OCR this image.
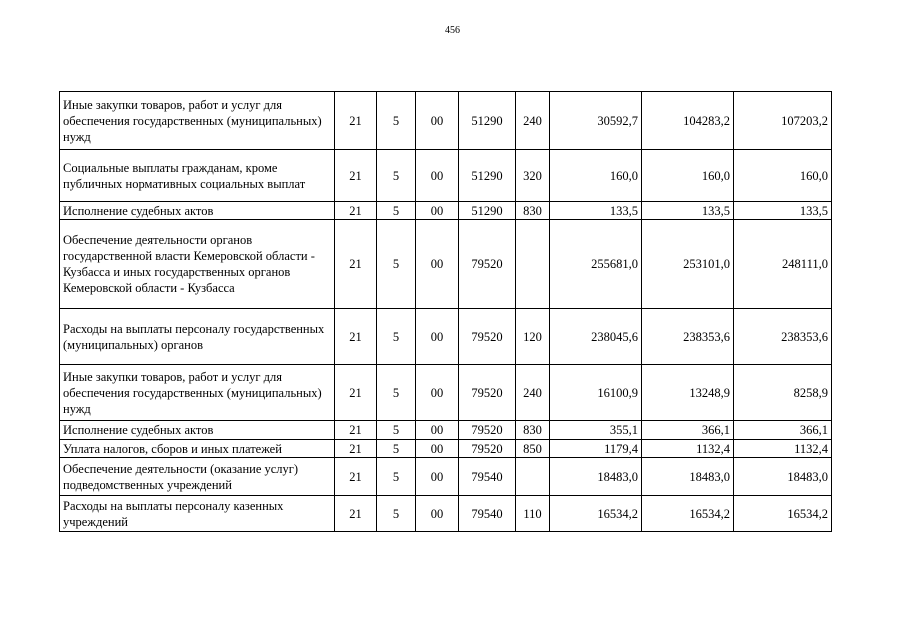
456
Иные закупки товаров, работ и услуг для обеспечения государственных (муниципальных) нужд	21	5	00	51290	240	30592,7	104283,2	107203,2
Социальные выплаты гражданам, кроме публичных нормативных социальных выплат	21	5	00	51290	320	160,0	160,0	160,0
Исполнение судебных актов	21	5	00	51290	830	133,5	133,5	133,5
Обеспечение деятельности органов государственной власти Кемеровской области - Кузбасса и иных государственных органов Кемеровской области - Кузбасса	21	5	00	79520		255681,0	253101,0	248111,0
Расходы на выплаты персоналу государственных (муниципальных) органов	21	5	00	79520	120	238045,6	238353,6	238353,6
Иные закупки товаров, работ и услуг для обеспечения государственных (муниципальных) нужд	21	5	00	79520	240	16100,9	13248,9	8258,9
Исполнение судебных актов	21	5	00	79520	830	355,1	366,1	366,1
Уплата налогов, сборов и иных платежей	21	5	00	79520	850	1179,4	1132,4	1132,4
Обеспечение деятельности (оказание услуг) подведомственных учреждений	21	5	00	79540		18483,0	18483,0	18483,0
Расходы на выплаты персоналу казенных учреждений	21	5	00	79540	110	16534,2	16534,2	16534,2
